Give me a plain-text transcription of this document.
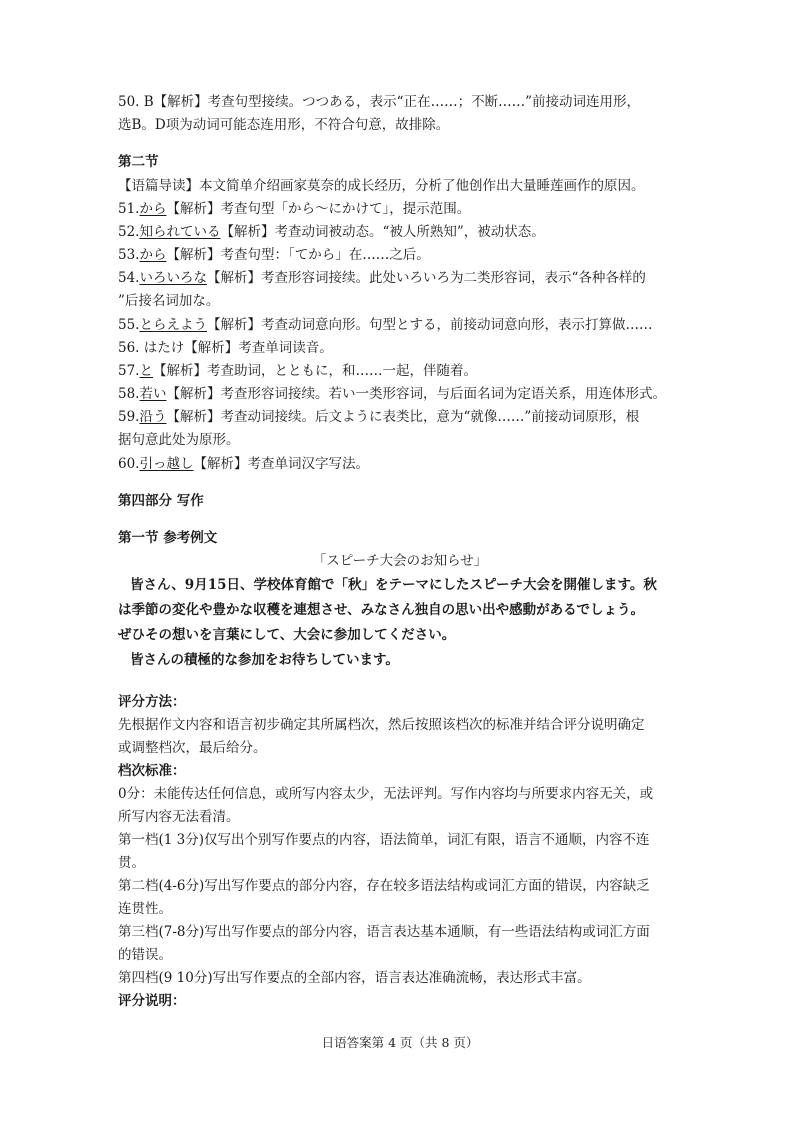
50. B【解析】考查句型接续。つつある，表示“正在……；不断……”前接动词连用形，
选B。D项为动词可能态连用形，不符合句意，故排除。
第二节
【语篇导读】本文简单介绍画家莫奈的成长经历，分析了他创作出大量睡莲画作的原因。
51.から【解析】考查句型「から～にかけて」，提示范围。
52.知られている【解析】考查动词被动态。“被人所熟知”，被动状态。
53.から【解析】考查句型：「てから」在……之后。
54.いろいろな【解析】考查形容词接续。此处いろいろ为二类形容词，表示“各种各样的
”后接名词加な。
55.とらえよう【解析】考查动词意向形。句型とする，前接动词意向形，表示打算做……
56. はたけ【解析】考查单词读音。
57.と【解析】考查助词，とともに，和……一起，伴随着。
58.若い【解析】考查形容词接续。若い一类形容词，与后面名词为定语关系，用连体形式。
59.沿う【解析】考查动词接续。后文ように表类比，意为“就像……”前接动词原形，根
据句意此处为原形。
60.引っ越し【解析】考查单词汉字写法。
第四部分 写作
第一节 参考例文
「スピーチ大会のお知らせ」
皆さん、9月15日、学校体育館で「秋」をテーマにしたスピーチ大会を開催します。秋
は季節の変化や豊かな収穫を連想させ、みなさん独自の思い出や感動があるでしょう。
ぜひその想いを言葉にして、大会に参加してください。
皆さんの積極的な参加をお待ちしています。
评分方法：
先根据作文内容和语言初步确定其所属档次，然后按照该档次的标准并结合评分说明确定
或调整档次，最后给分。
档次标准：
0分：未能传达任何信息，或所写内容太少，无法评判。写作内容均与所要求内容无关，或
所写内容无法看清。
第一档(1 3分)仅写出个别写作要点的内容，语法简单，词汇有限，语言不通顺，内容不连
贯。
第二档(4-6分)写出写作要点的部分内容，存在较多语法结构或词汇方面的错误，内容缺乏
连贯性。
第三档(7-8分)写出写作要点的部分内容，语言表达基本通顺，有一些语法结构或词汇方面
的错误。
第四档(9 10分)写出写作要点的全部内容，语言表达准确流畅，表达形式丰富。
评分说明：
日语答案第 4 页（共 8 页）
